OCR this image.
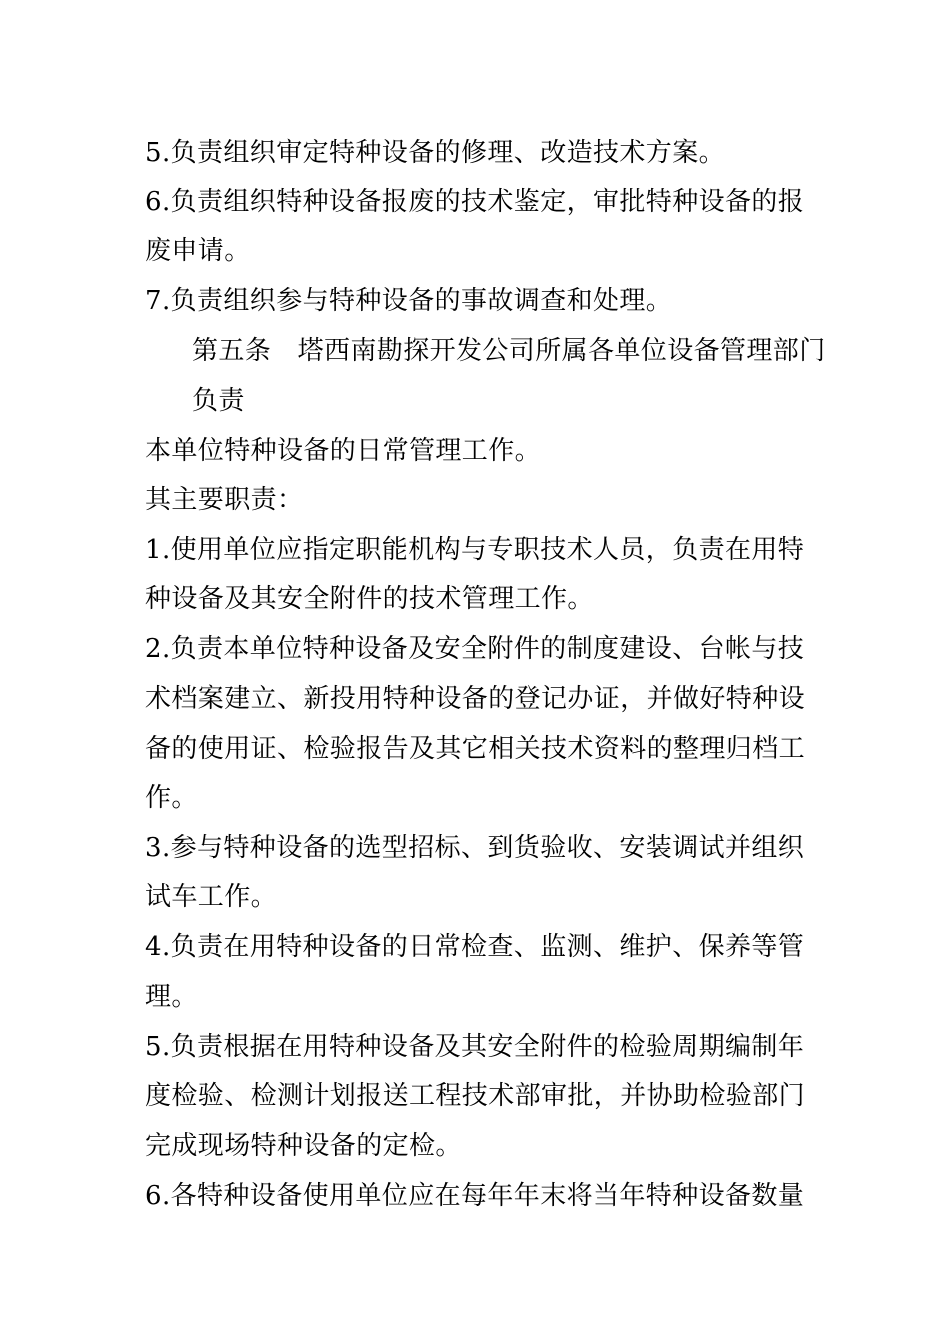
5.负责组织审定特种设备的修理、改造技术方案。
6.负责组织特种设备报废的技术鉴定，审批特种设备的报
废申请。
7.负责组织参与特种设备的事故调查和处理。
第五条　塔西南勘探开发公司所属各单位设备管理部门
负责
本单位特种设备的日常管理工作。
其主要职责：
1.使用单位应指定职能机构与专职技术人员，负责在用特
种设备及其安全附件的技术管理工作。
2.负责本单位特种设备及安全附件的制度建设、台帐与技
术档案建立、新投用特种设备的登记办证，并做好特种设
备的使用证、检验报告及其它相关技术资料的整理归档工
作。
3.参与特种设备的选型招标、到货验收、安装调试并组织
试车工作。
4.负责在用特种设备的日常检查、监测、维护、保养等管
理。
5.负责根据在用特种设备及其安全附件的检验周期编制年
度检验、检测计划报送工程技术部审批，并协助检验部门
完成现场特种设备的定检。
6.各特种设备使用单位应在每年年末将当年特种设备数量
